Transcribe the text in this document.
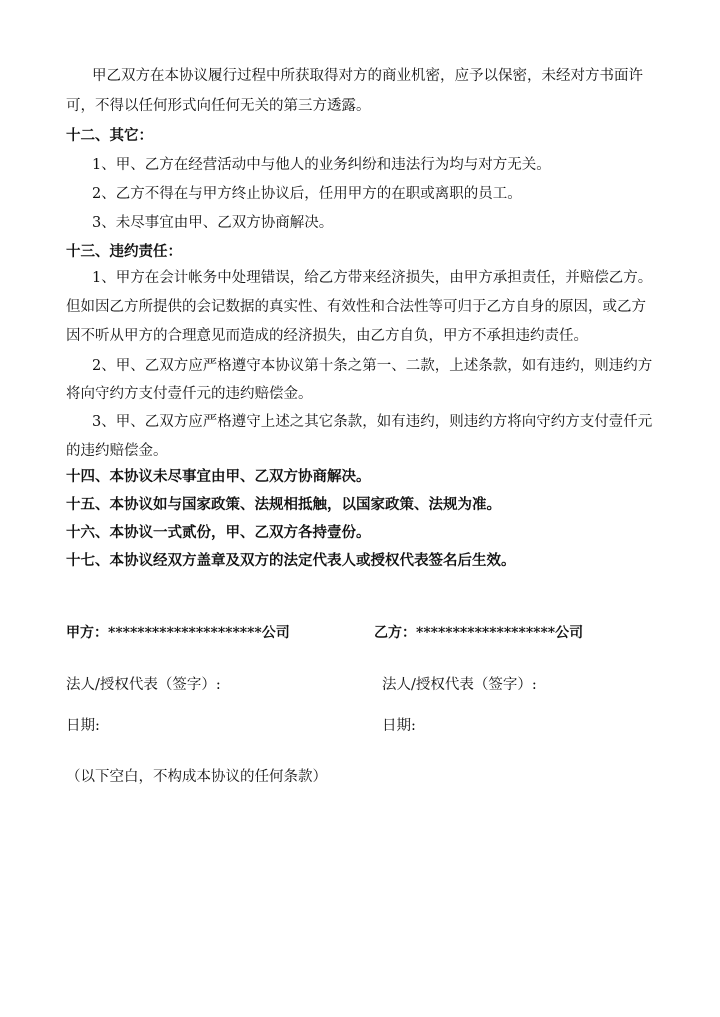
甲乙双方在本协议履行过程中所获取得对方的商业机密，应予以保密，未经对方书面许
可，不得以任何形式向任何无关的第三方透露。
十二、其它：
1、甲、乙方在经营活动中与他人的业务纠纷和违法行为均与对方无关。
2、乙方不得在与甲方终止协议后，任用甲方的在职或离职的员工。
3、未尽事宜由甲、乙双方协商解决。
十三、违约责任：
1、甲方在会计帐务中处理错误，给乙方带来经济损失，由甲方承担责任，并赔偿乙方。
但如因乙方所提供的会记数据的真实性、有效性和合法性等可归于乙方自身的原因，或乙方
因不听从甲方的合理意见而造成的经济损失，由乙方自负，甲方不承担违约责任。
2、甲、乙双方应严格遵守本协议第十条之第一、二款，上述条款，如有违约，则违约方
将向守约方支付壹仟元的违约赔偿金。
3、甲、乙双方应严格遵守上述之其它条款，如有违约，则违约方将向守约方支付壹仟元
的违约赔偿金。
十四、本协议未尽事宜由甲、乙双方协商解决。
十五、本协议如与国家政策、法规相抵触，以国家政策、法规为准。
十六、本协议一式贰份，甲、乙双方各持壹份。
十七、本协议经双方盖章及双方的法定代表人或授权代表签名后生效。
甲方：*********************公司	乙方：*******************公司
法人/授权代表（签字）:	法人/授权代表（签字）:
日期:	日期:
（以下空白，不构成本协议的任何条款）
